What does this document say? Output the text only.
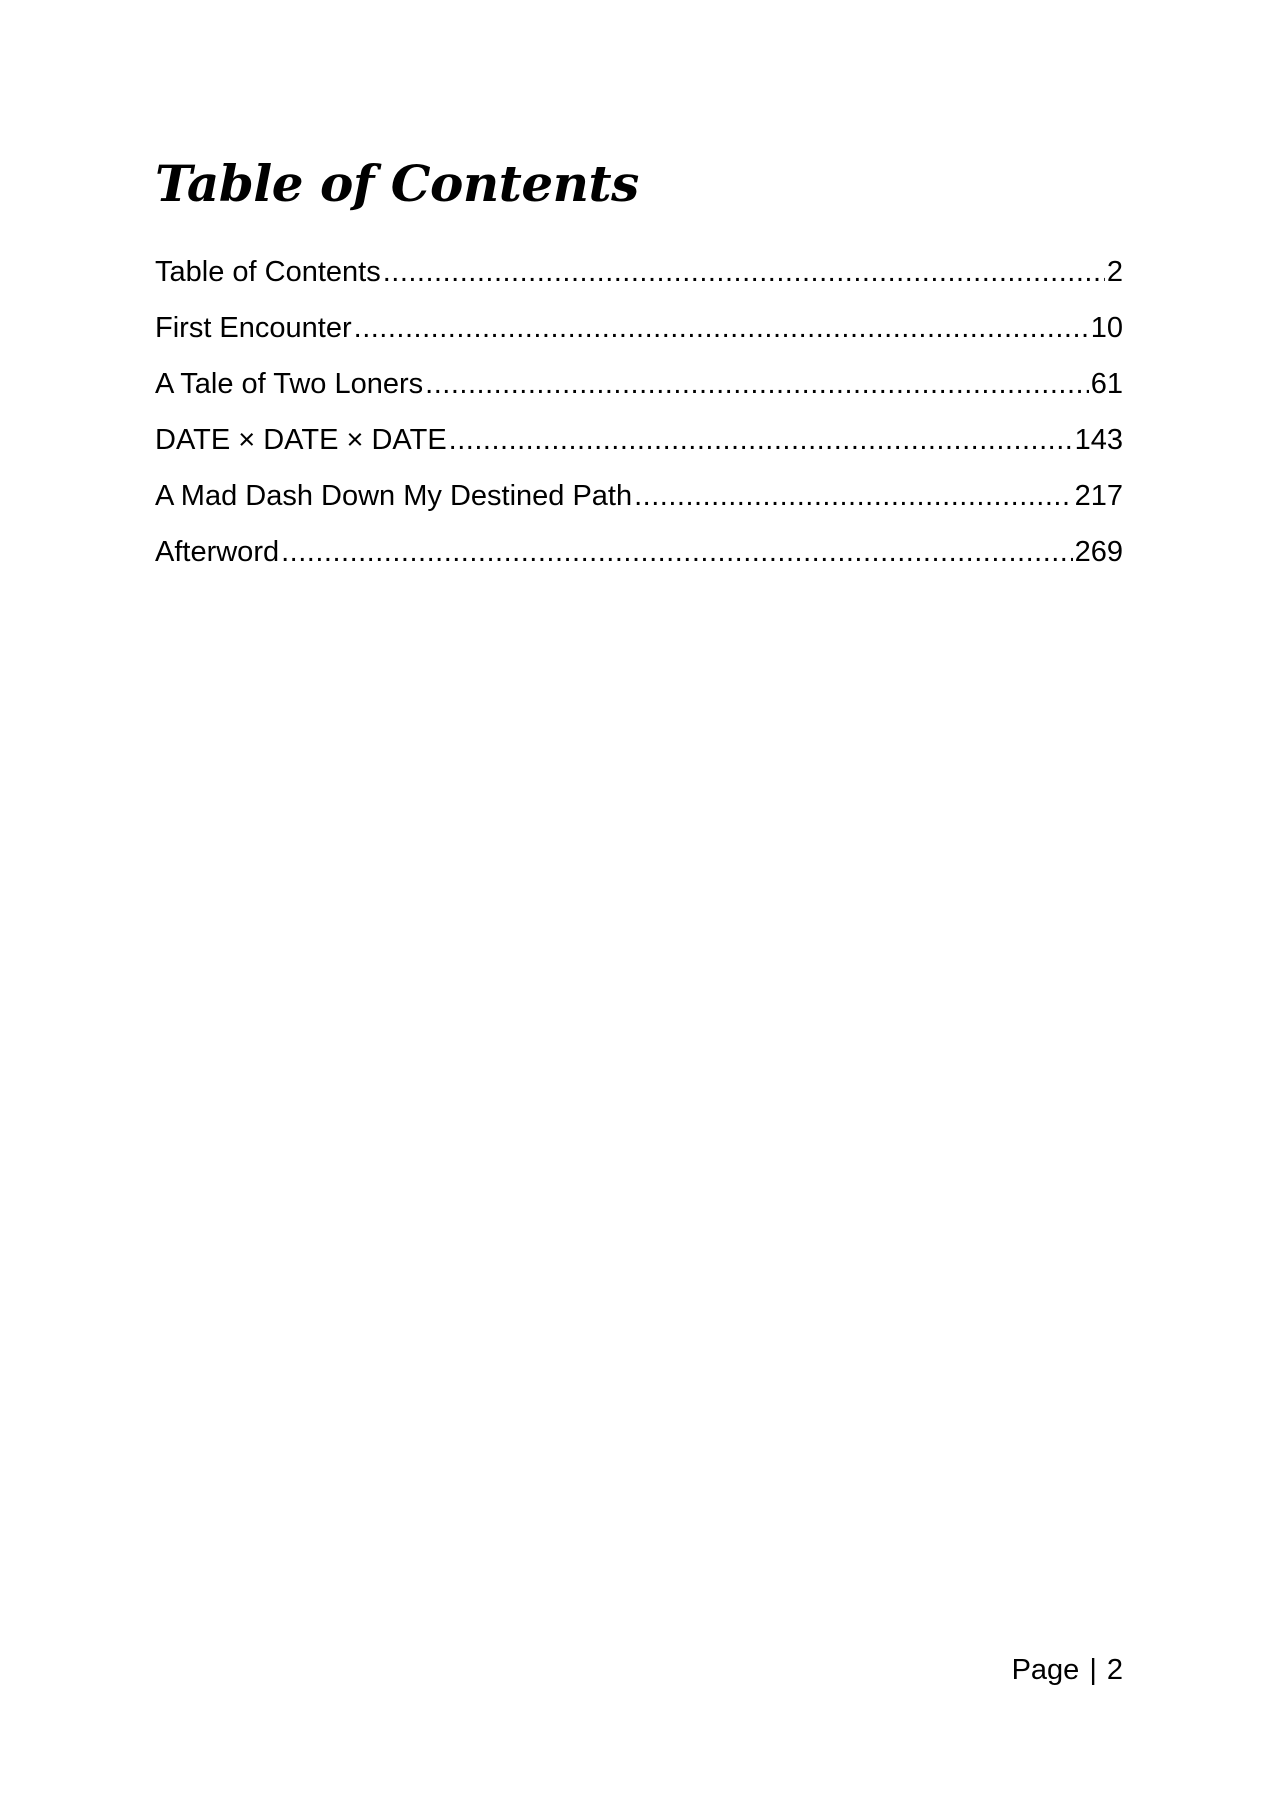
Table of Contents
Table of Contents .....	2
First Encounter .....	10
A Tale of Two Loners .....	61
DATE × DATE × DATE .....	143
A Mad Dash Down My Destined Path .....	217
Afterword .....	269
Page | 2
